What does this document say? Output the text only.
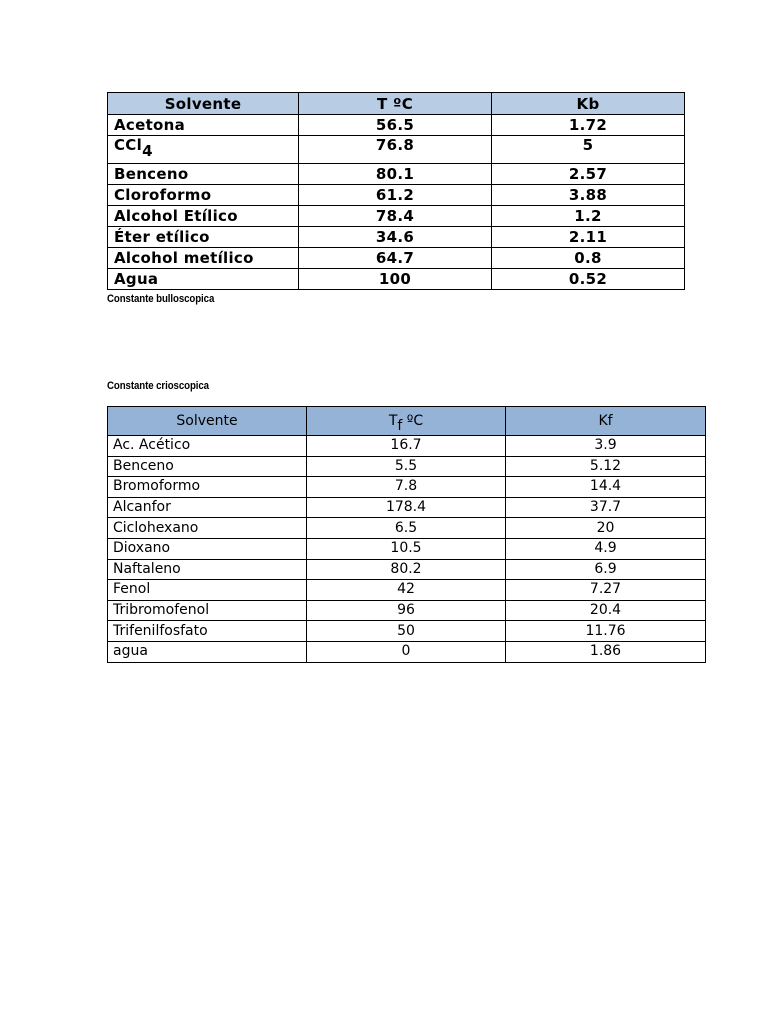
Solvente	T ºC	Kb
Acetona	56.5	1.72
CCl4	76.8	5
Benceno	80.1	2.57
Cloroformo	61.2	3.88
Alcohol Etílico	78.4	1.2
Éter etílico	34.6	2.11
Alcohol metílico	64.7	0.8
Agua	100	0.52
Constante bulloscopica
Constante crioscopica
Solvente	Tf ºC	Kf
Ac. Acético	16.7	3.9
Benceno	5.5	5.12
Bromoformo	7.8	14.4
Alcanfor	178.4	37.7
Ciclohexano	6.5	20
Dioxano	10.5	4.9
Naftaleno	80.2	6.9
Fenol	42	7.27
Tribromofenol	96	20.4
Trifenilfosfato	50	11.76
agua	0	1.86
